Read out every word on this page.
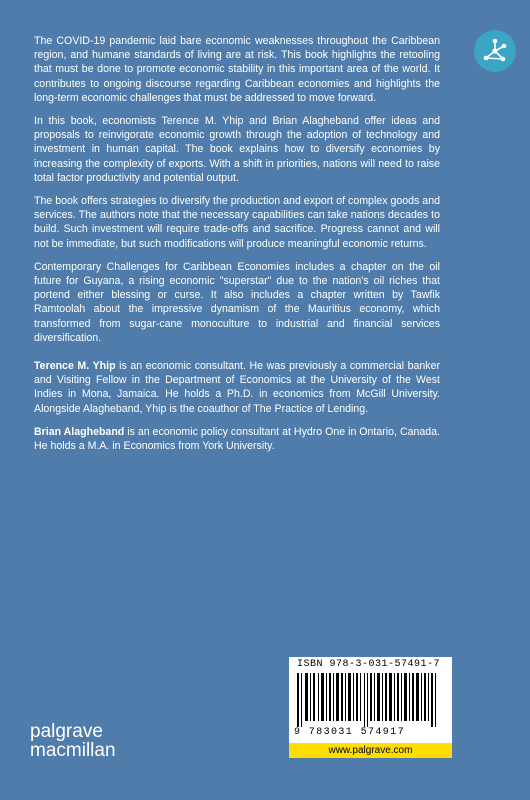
The COVID-19 pandemic laid bare economic weaknesses throughout the Caribbean region, and humane standards of living are at risk. This book highlights the retooling that must be done to promote economic stability in this important area of the world. It contributes to ongoing discourse regarding Caribbean economies and highlights the long-term economic challenges that must be addressed to move forward.

In this book, economists Terence M. Yhip and Brian Alagheband offer ideas and proposals to reinvigorate economic growth through the adoption of technology and investment in human capital. The book explains how to diversify economies by increasing the complexity of exports. With a shift in priorities, nations will need to raise total factor productivity and potential output.

The book offers strategies to diversify the production and export of complex goods and services. The authors note that the necessary capabilities can take nations decades to build. Such investment will require trade-offs and sacrifice. Progress cannot and will not be immediate, but such modifications will produce meaningful economic returns.

Contemporary Challenges for Caribbean Economies includes a chapter on the oil future for Guyana, a rising economic "superstar" due to the nation's oil riches that portend either blessing or curse. It also includes a chapter written by Tawfik Ramtoolah about the impressive dynamism of the Mauritius economy, which transformed from sugar-cane monoculture to industrial and financial services diversification.

Terence M. Yhip is an economic consultant. He was previously a commercial banker and Visiting Fellow in the Department of Economics at the University of the West Indies in Mona, Jamaica. He holds a Ph.D. in economics from McGill University. Alongside Alagheband, Yhip is the coauthor of The Practice of Lending.

Brian Alagheband is an economic policy consultant at Hydro One in Ontario, Canada. He holds a M.A. in Economics from York University.

palgrave
macmillan
ISBN 978-3-031-57491-7
9 783031 574917
www.palgrave.com
